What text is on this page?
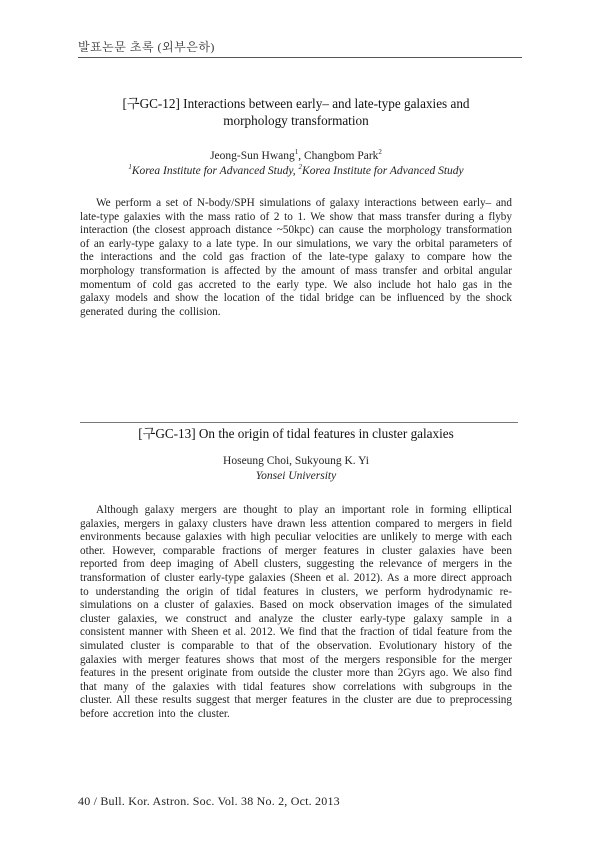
발표논문 초록 (외부은하)

[구GC-12] Interactions between early– and late-type galaxies and
morphology transformation

Jeong-Sun Hwang$^1$, Changbom Park$^2$

$^1$Korea Institute for Advanced Study, $^2$Korea Institute for Advanced Study

We perform a set of N-body/SPH simulations of galaxy interactions between early– and late-type galaxies with the mass ratio of 2 to 1. We show that mass transfer during a flyby interaction (the closest approach distance ~50kpc) can cause the morphology transformation of an early-type galaxy to a late type. In our simulations, we vary the orbital parameters of the interactions and the cold gas fraction of the late-type galaxy to compare how the morphology transformation is affected by the amount of mass transfer and orbital angular momentum of cold gas accreted to the early type. We also include hot halo gas in the galaxy models and show the location of the tidal bridge can be influenced by the shock generated during the collision.

[구GC-13] On the origin of tidal features in cluster galaxies

Hoseung Choi, Sukyoung K. Yi

Yonsei University

Although galaxy mergers are thought to play an important role in forming elliptical galaxies, mergers in galaxy clusters have drawn less attention compared to mergers in field environments because galaxies with high peculiar velocities are unlikely to merge with each other. However, comparable fractions of merger features in cluster galaxies have been reported from deep imaging of Abell clusters, suggesting the relevance of mergers in the transformation of cluster early-type galaxies (Sheen et al. 2012). As a more direct approach to understanding the origin of tidal features in clusters, we perform hydrodynamic re-simulations on a cluster of galaxies. Based on mock observation images of the simulated cluster galaxies, we construct and analyze the cluster early-type galaxy sample in a consistent manner with Sheen et al. 2012. We find that the fraction of tidal feature from the simulated cluster is comparable to that of the observation. Evolutionary history of the galaxies with merger features shows that most of the mergers responsible for the merger features in the present originate from outside the cluster more than 2Gyrs ago. We also find that many of the galaxies with tidal features show correlations with subgroups in the cluster. All these results suggest that merger features in the cluster are due to preprocessing before accretion into the cluster.

40 / Bull. Kor. Astron. Soc. Vol. 38 No. 2, Oct. 2013
